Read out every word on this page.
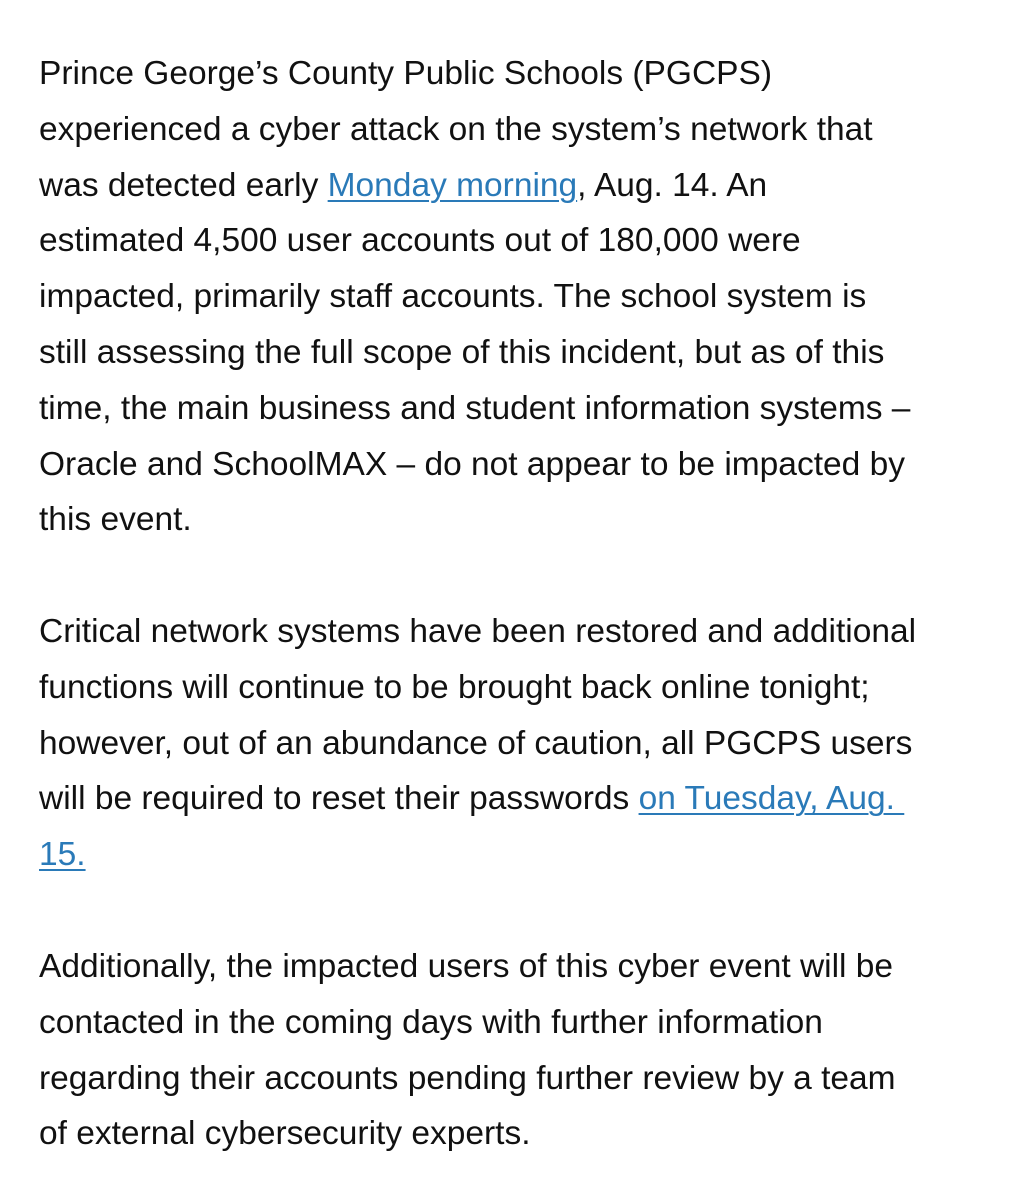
Prince George’s County Public Schools (PGCPS)
experienced a cyber attack on the system’s network that
was detected early Monday morning, Aug. 14. An
estimated 4,500 user accounts out of 180,000 were
impacted, primarily staff accounts. The school system is
still assessing the full scope of this incident, but as of this
time, the main business and student information systems –
Oracle and SchoolMAX – do not appear to be impacted by
this event.

Critical network systems have been restored and additional
functions will continue to be brought back online tonight;
however, out of an abundance of caution, all PGCPS users
will be required to reset their passwords on Tuesday, Aug.
15.

Additionally, the impacted users of this cyber event will be
contacted in the coming days with further information
regarding their accounts pending further review by a team
of external cybersecurity experts.
